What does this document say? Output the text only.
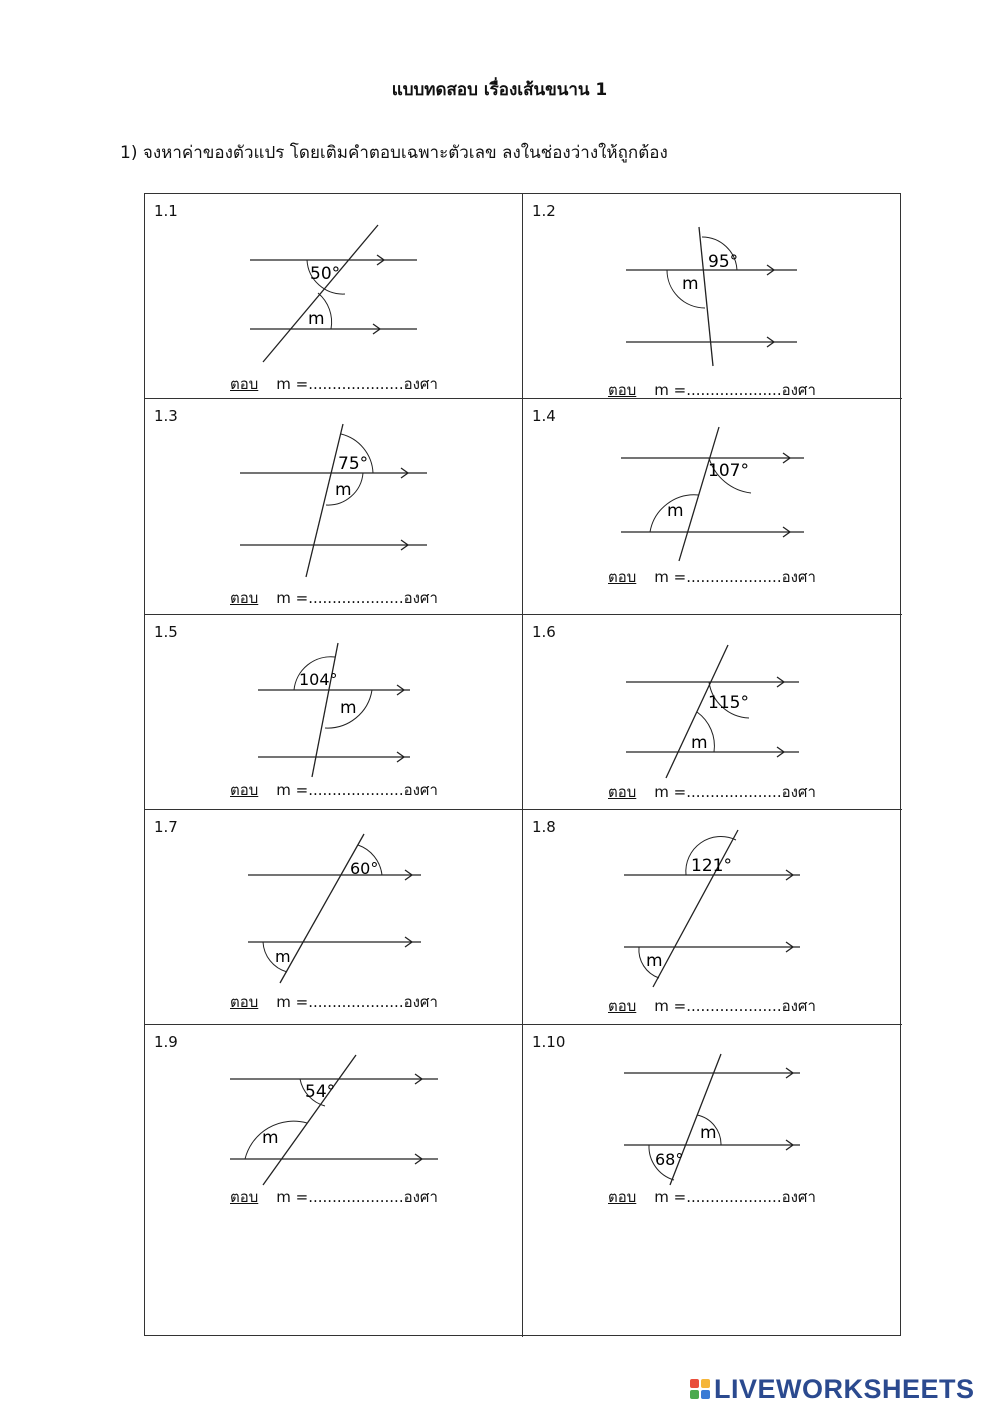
แบบทดสอบ เรื่องเส้นขนาน 1
1) จงหาค่าของตัวแปร โดยเติมคำตอบเฉพาะตัวเลข ลงในช่องว่างให้ถูกต้อง
1.1
50°
m
ตอบ m =....................องศา
1.2
95°
m
ตอบ m =....................องศา
1.3
75°
m
ตอบ m =....................องศา
1.4
107°
m
ตอบ m =....................องศา
1.5
104°
m
ตอบ m =....................องศา
1.6
115°
m
ตอบ m =....................องศา
1.7
60°
m
ตอบ m =....................องศา
1.8
121°
m
ตอบ m =....................องศา
1.9
54°
m
ตอบ m =....................องศา
1.10
68°
m
ตอบ m =....................องศา
LIVEWORKSHEETS
